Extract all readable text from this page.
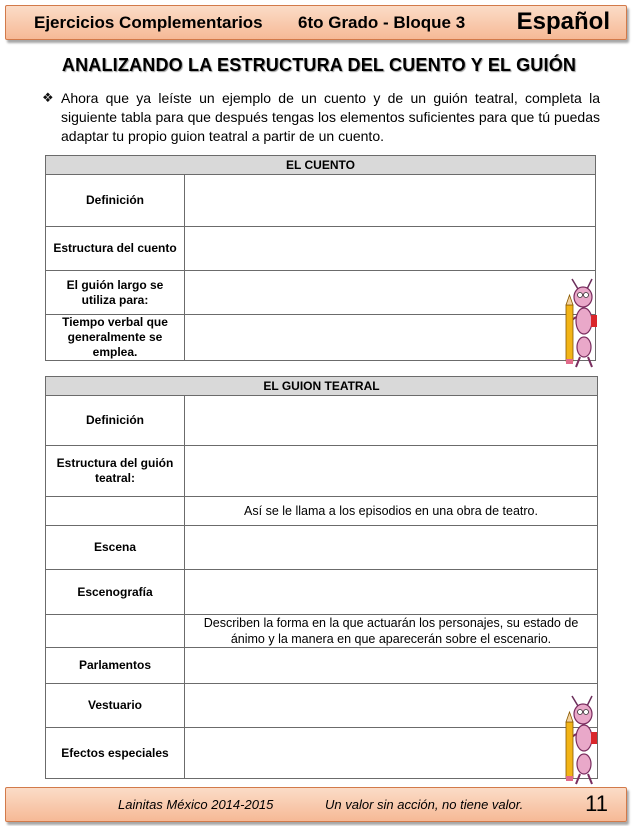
Ejercicios Complementarios 6to Grado - Bloque 3 Español
ANALIZANDO LA ESTRUCTURA DEL CUENTO Y EL GUIÓN
❖ Ahora que ya leíste un ejemplo de un cuento y de un guión teatral, completa la siguiente tabla para que después tengas los elementos suficientes para que tú puedas adaptar tu propio guion teatral a partir de un cuento.
EL CUENTO	
Definición	
Estructura del cuento	
El guión largo se utiliza para:	
Tiempo verbal que generalmente se emplea.	
EL GUION TEATRAL	
Definición	
Estructura del guión teatral:	
	Así se le llama a los episodios en una obra de teatro.
Escena	
Escenografía	
	Describen la forma en la que actuarán los personajes, su estado de ánimo y la manera en que aparecerán sobre el escenario.
Parlamentos	
Vestuario	
Efectos especiales	
Lainitas México 2014-2015	Un valor sin acción, no tiene valor.	11
